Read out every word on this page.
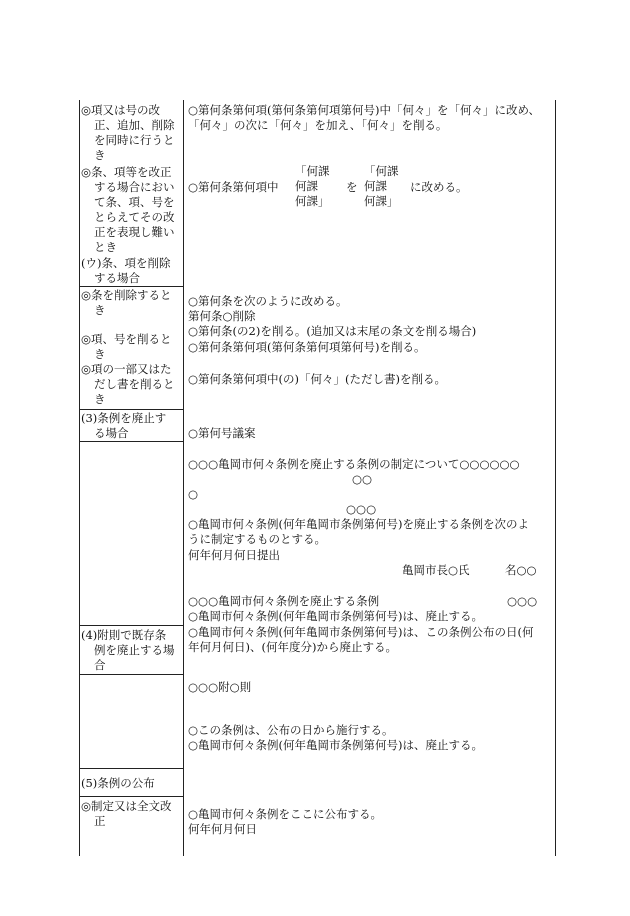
◎項又は号の改正、追加、削除を同時に行うとき
◎条、項等を改正する場合において条、項、号をとらえてその改正を表現し難いとき
(ウ)条、項を削除する場合
◎条を削除するとき
◎項、号を削るとき
◎項の一部又はただし書を削るとき
(3)条例を廃止する場合
(4)附則で既存条例を廃止する場合
(5)条例の公布
◎制定又は全文改正
○第何条第何項(第何条第何項第何号)中「何々」を「何々」に改め、
「何々」の次に「何々」を加え、「何々」を削る。
○第何条第何項中
「何課
何課
何課」
を
「何課
何課
何課」
に改める。
○第何条を次のように改める。
第何条○削除
○第何条(の2)を削る。(追加又は末尾の条文を削る場合)
○第何条第何項(第何条第何項第何号)を削る。
○第何条第何項中(の)「何々」(ただし書)を削る。
○第何号議案
○○○亀岡市何々条例を廃止する条例の制定について○○○○○○
○○
○
○○○
○亀岡市何々条例(何年亀岡市条例第何号)を廃止する条例を次のよ
うに制定するものとする。
何年何月何日提出
亀岡市長○氏	名○○
○○○亀岡市何々条例を廃止する条例	○○○
○亀岡市何々条例(何年亀岡市条例第何号)は、廃止する。
○亀岡市何々条例(何年亀岡市条例第何号)は、この条例公布の日(何
年何月何日)、(何年度分)から廃止する。
○○○附○則
○この条例は、公布の日から施行する。
○亀岡市何々条例(何年亀岡市条例第何号)は、廃止する。
○亀岡市何々条例をここに公布する。
何年何月何日
